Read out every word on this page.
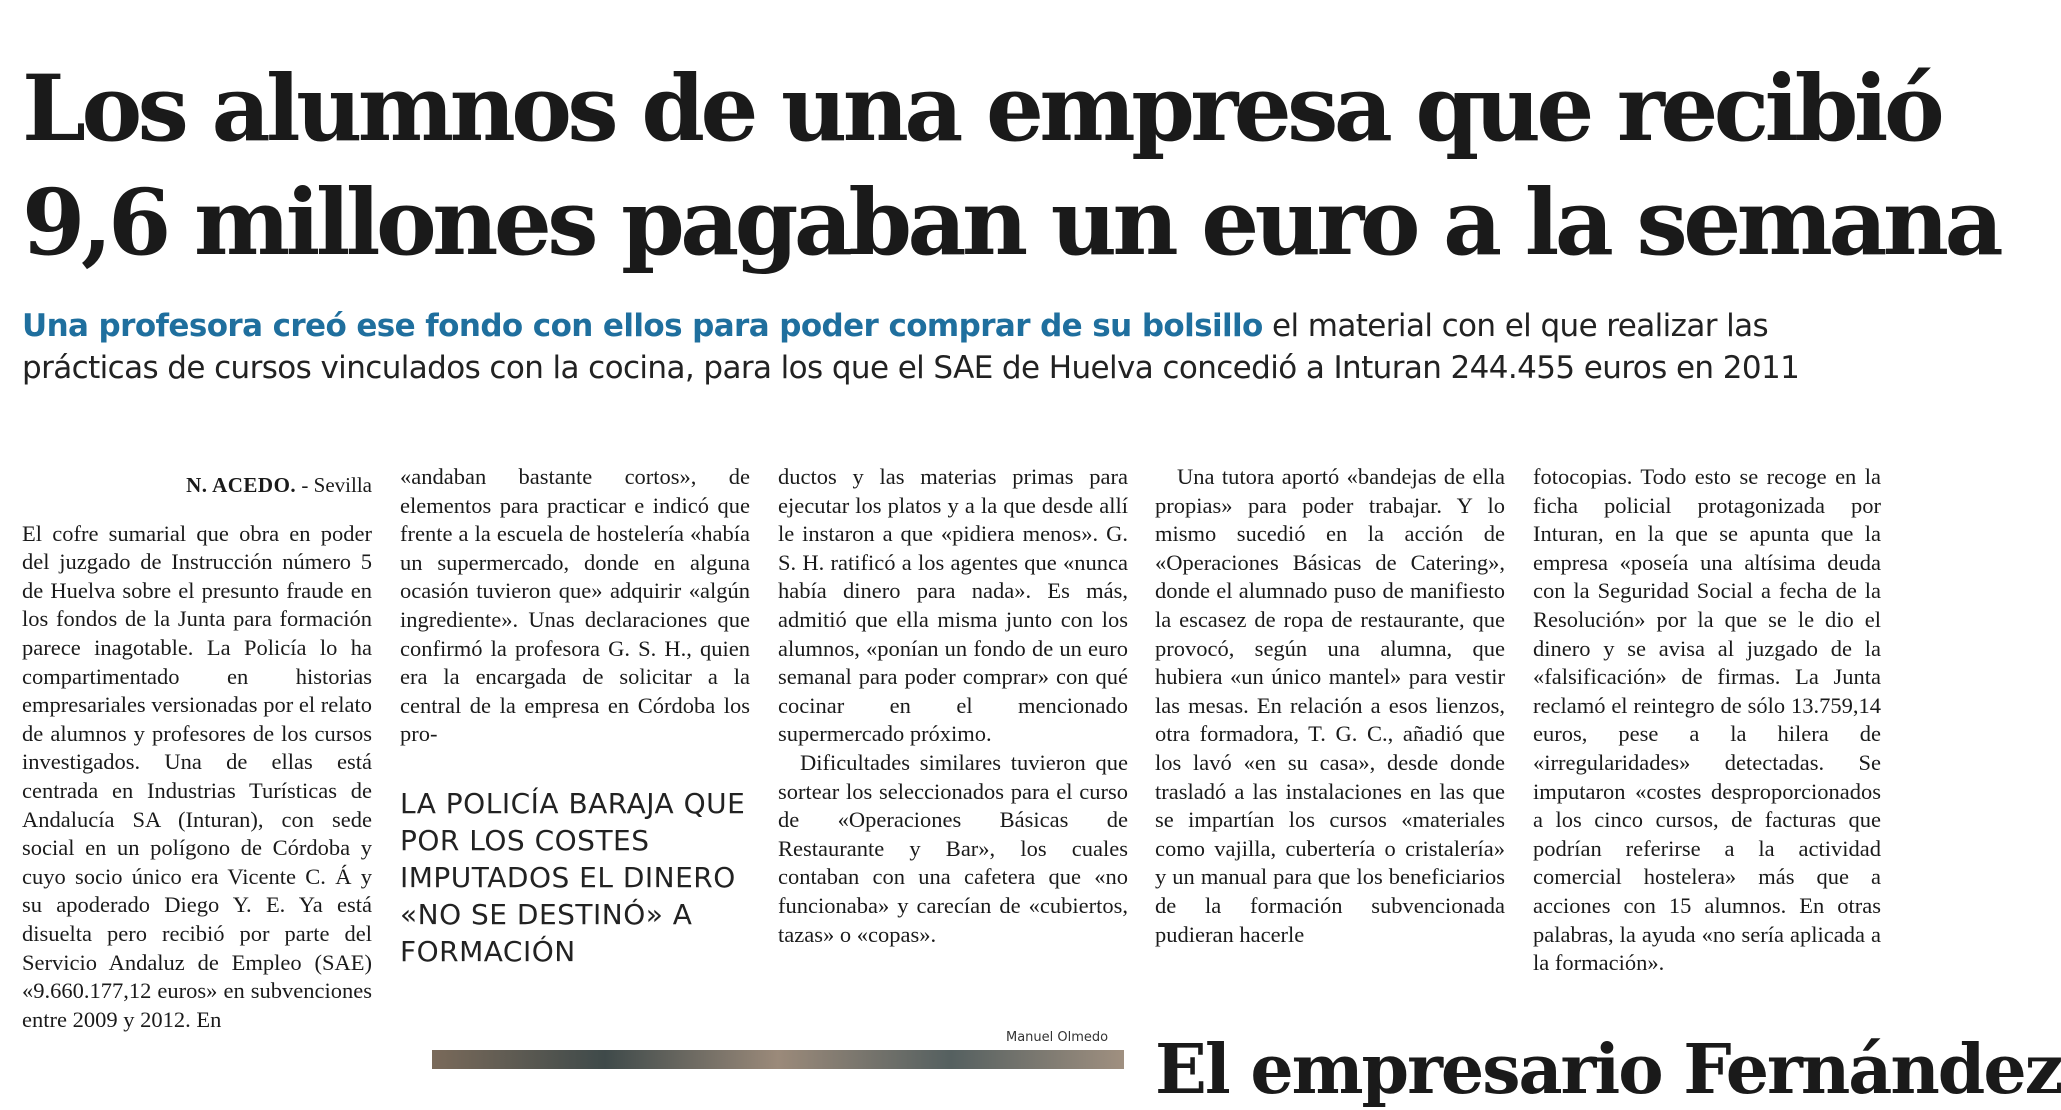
Los alumnos de una empresa que recibió
9,6 millones pagaban un euro a la semana

Una profesora creó ese fondo con ellos para poder comprar de su bolsillo el material con el que realizar las prácticas de cursos vinculados con la cocina, para los que el SAE de Huelva concedió a Inturan 244.455 euros en 2011

N. ACEDO. - Sevilla

El cofre sumarial que obra en poder del juzgado de Instrucción número 5 de Huelva sobre el presunto fraude en los fondos de la Junta para formación parece inagotable. La Policía lo ha compartimentado en historias empresariales versionadas por el relato de alumnos y profesores de los cursos investigados. Una de ellas está centrada en Industrias Turísticas de Andalucía SA (Inturan), con sede social en un polígono de Córdoba y cuyo socio único era Vicente C. Á y su apoderado Diego Y. E. Ya está disuelta pero recibió por parte del Servicio Andaluz de Empleo (SAE) «9.660.177,12 euros» en subvenciones entre 2009 y 2012. En

«andaban bastante cortos», de elementos para practicar e indicó que frente a la escuela de hostelería «había un supermercado, donde en alguna ocasión tuvieron que» adquirir «algún ingrediente». Unas declaraciones que confirmó la profesora G. S. H., quien era la encargada de solicitar a la central de la empresa en Córdoba los pro-

LA POLICÍA BARAJA QUE POR LOS COSTES IMPUTADOS EL DINERO «NO SE DESTINÓ» A FORMACIÓN

ductos y las materias primas para ejecutar los platos y a la que desde allí le instaron a que «pidiera menos». G. S. H. ratificó a los agentes que «nunca había dinero para nada». Es más, admitió que ella misma junto con los alumnos, «ponían un fondo de un euro semanal para poder comprar» con qué cocinar en el mencionado supermercado próximo.

Dificultades similares tuvieron que sortear los seleccionados para el curso de «Operaciones Básicas de Restaurante y Bar», los cuales contaban con una cafetera que «no funcionaba» y carecían de «cubiertos, tazas» o «copas».

Una tutora aportó «bandejas de ella propias» para poder trabajar. Y lo mismo sucedió en la acción de «Operaciones Básicas de Catering», donde el alumnado puso de manifiesto la escasez de ropa de restaurante, que provocó, según una alumna, que hubiera «un único mantel» para vestir las mesas. En relación a esos lienzos, otra formadora, T. G. C., añadió que los lavó «en su casa», desde donde trasladó a las instalaciones en las que se impartían los cursos «materiales como vajilla, cubertería o cristalería» y un manual para que los beneficiarios de la formación subvencionada pudieran hacerle

fotocopias. Todo esto se recoge en la ficha policial protagonizada por Inturan, en la que se apunta que la empresa «poseía una altísima deuda con la Seguridad Social a fecha de la Resolución» por la que se le dio el dinero y se avisa al juzgado de la «falsificación» de firmas. La Junta reclamó el reintegro de sólo 13.759,14 euros, pese a la hilera de «irregularidades» detectadas. Se imputaron «costes desproporcionados a los cinco cursos, de facturas que podrían referirse a la actividad comercial hostelera» más que a acciones con 15 alumnos. En otras palabras, la ayuda «no sería aplicada a la formación».

Manuel Olmedo El empresario Fernández
